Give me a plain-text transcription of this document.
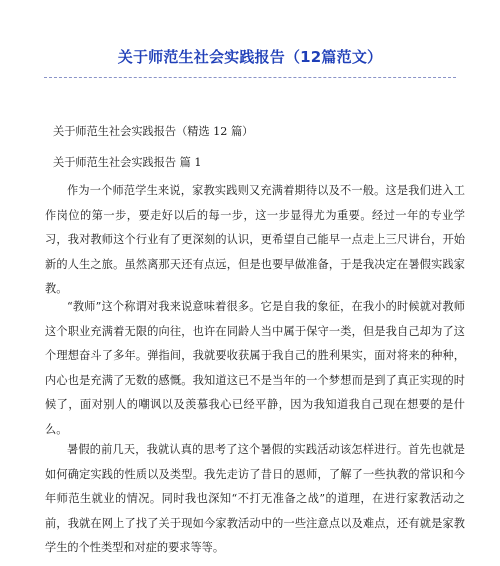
关于师范生社会实践报告（12篇范文）
关于师范生社会实践报告（精选 12 篇）
关于师范生社会实践报告 篇 1
作为一个师范学生来说，家教实践则又充满着期待以及不一般。这是我们进入工作岗位的第一步，要走好以后的每一步，这一步显得尤为重要。经过一年的专业学习，我对教师这个行业有了更深刻的认识，更希望自己能早一点走上三尺讲台，开始新的人生之旅。虽然离那天还有点远，但是也要早做准备，于是我决定在暑假实践家教。
“教师”这个称谓对我来说意味着很多。它是自我的象征，在我小的时候就对教师这个职业充满着无限的向往，也许在同龄人当中属于保守一类，但是我自己却为了这个理想奋斗了多年。弹指间，我就要收获属于我自己的胜利果实，面对将来的种种，内心也是充满了无数的感慨。我知道这已不是当年的一个梦想而是到了真正实现的时候了，面对别人的嘲讽以及羡慕我心已经平静，因为我知道我自己现在想要的是什么。
暑假的前几天，我就认真的思考了这个暑假的实践活动该怎样进行。首先也就是如何确定实践的性质以及类型。我先走访了昔日的恩师，了解了一些执教的常识和今年师范生就业的情况。同时我也深知“不打无准备之战”的道理，在进行家教活动之前，我就在网上了找了关于现如今家教活动中的一些注意点以及难点，还有就是家教学生的个性类型和对症的要求等等。
